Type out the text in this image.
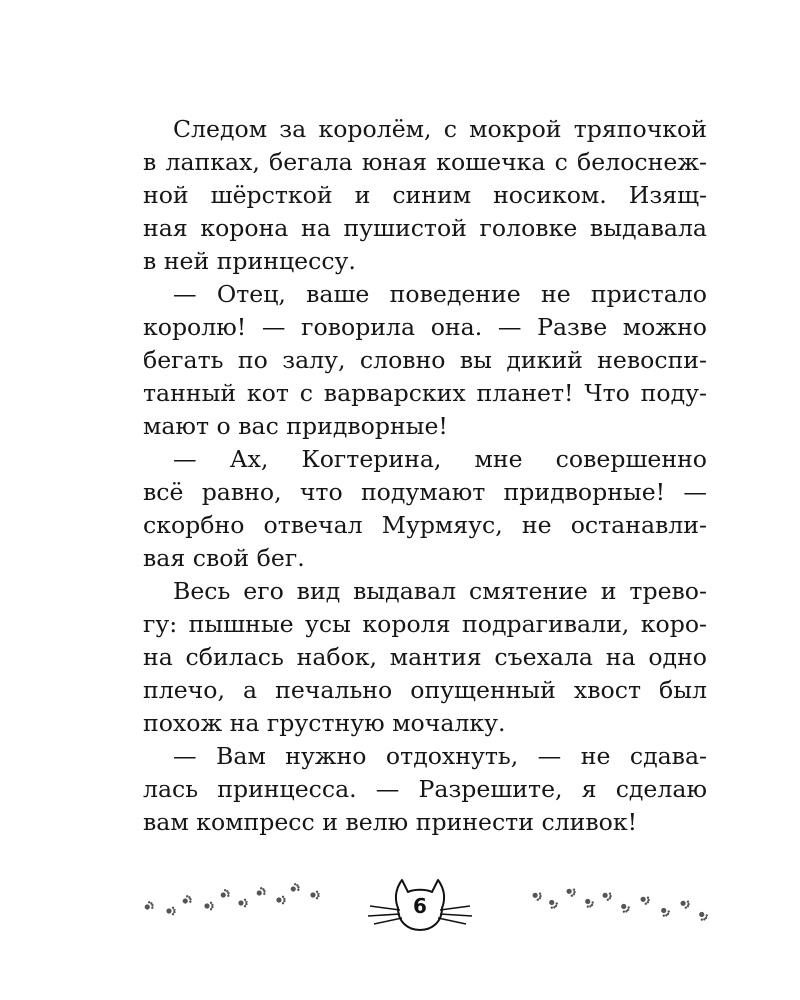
Следом за королём, с мокрой тряпочкой
в лапках, бегала юная кошечка с белоснеж-
ной шёрсткой и синим носиком. Изящ-
ная корона на пушистой головке выдавала
в ней принцессу.
— Отец, ваше поведение не пристало
королю! — говорила она. — Разве можно
бегать по залу, словно вы дикий невоспи-
танный кот с варварских планет! Что поду-
мают о вас придворные!
— Ах, Когтерина, мне совершенно
всё равно, что подумают придворные! —
скорбно отвечал Мурмяус, не останавли-
вая свой бег.
Весь его вид выдавал смятение и трево-
гу: пышные усы короля подрагивали, коро-
на сбилась набок, мантия съехала на одно
плечо, а печально опущенный хвост был
похож на грустную мочалку.
— Вам нужно отдохнуть, — не сдава-
лась принцесса. — Разрешите, я сделаю
вам компресс и велю принести сливок!
6
